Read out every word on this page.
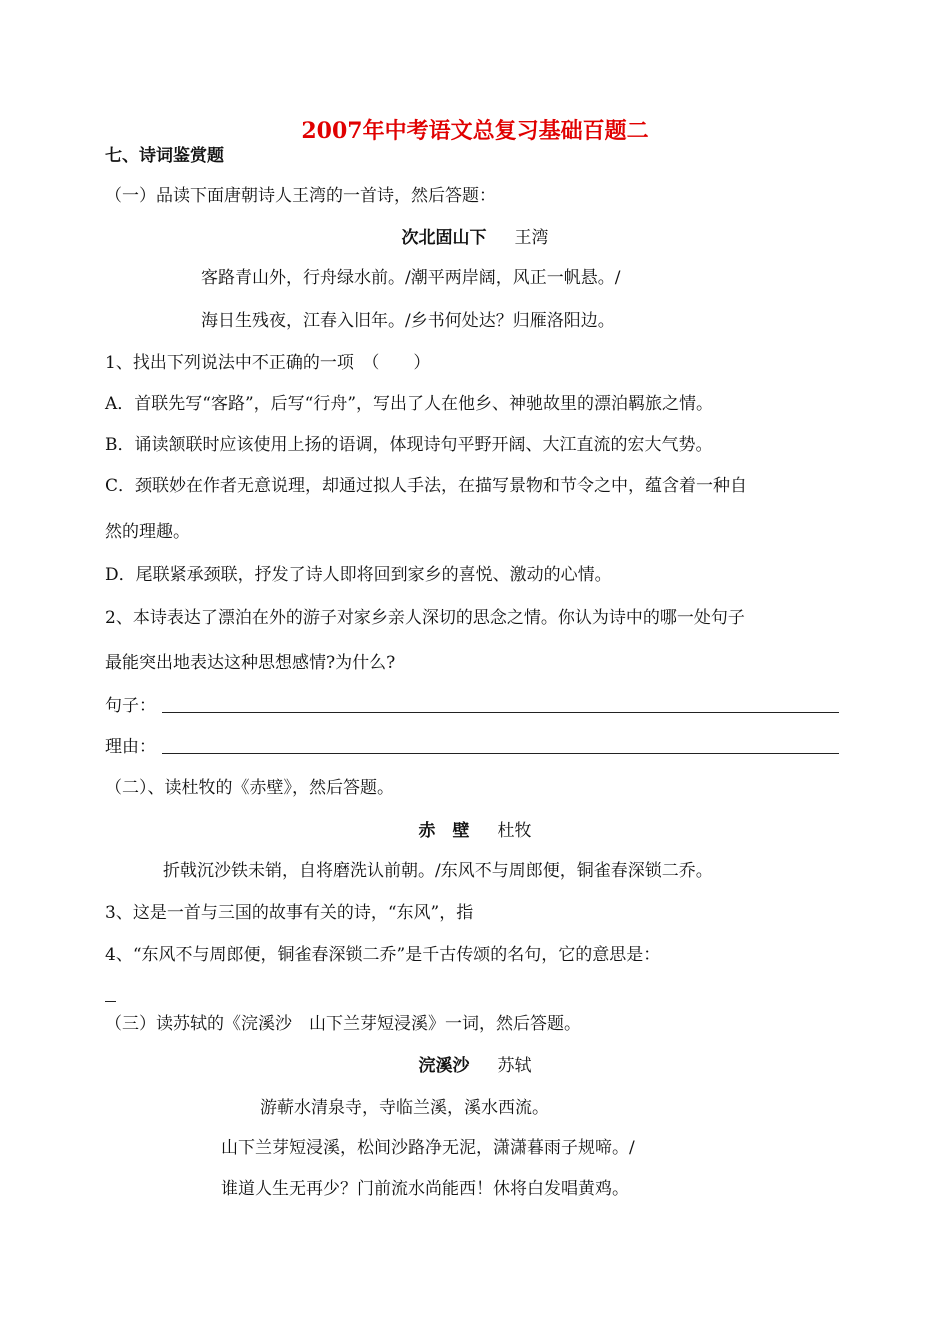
2007年中考语文总复习基础百题二
七、诗词鉴赏题
（一）品读下面唐朝诗人王湾的一首诗，然后答题：
次北固山下 王湾
客路青山外，行舟绿水前。/潮平两岸阔，风正一帆悬。/
海日生残夜，江春入旧年。/乡书何处达？归雁洛阳边。
1、找出下列说法中不正确的一项　（　　）
A．首联先写“客路”，后写“行舟”，写出了人在他乡、神驰故里的漂泊羁旅之情。
B．诵读颔联时应该使用上扬的语调，体现诗句平野开阔、大江直流的宏大气势。
C．颈联妙在作者无意说理，却通过拟人手法，在描写景物和节令之中，蕴含着一种自
然的理趣。
D．尾联紧承颈联，抒发了诗人即将回到家乡的喜悦、激动的心情。
2、本诗表达了漂泊在外的游子对家乡亲人深切的思念之情。你认为诗中的哪一处句子
最能突出地表达这种思想感情?为什么?
句子：
理由：
（二）、读杜牧的《赤壁》，然后答题。
赤　壁 杜牧
折戟沉沙铁未销，自将磨洗认前朝。/东风不与周郎便，铜雀春深锁二乔。
3、这是一首与三国的故事有关的诗，“东风”，指
4、“东风不与周郎便，铜雀春深锁二乔”是千古传颂的名句，它的意思是：
（三）读苏轼的《浣溪沙　山下兰芽短浸溪》一词，然后答题。
浣溪沙 苏轼
游蕲水清泉寺，寺临兰溪，溪水西流。
山下兰芽短浸溪，松间沙路净无泥，潇潇暮雨子规啼。/
谁道人生无再少？门前流水尚能西！休将白发唱黄鸡。
